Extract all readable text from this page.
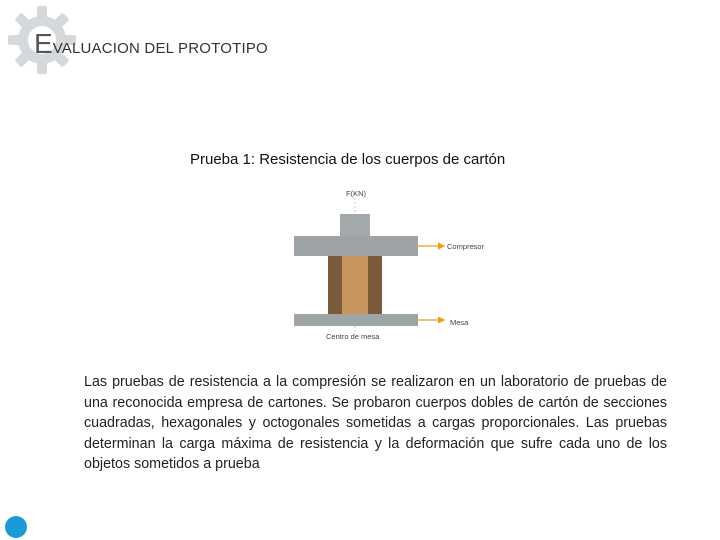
EVALUACION DEL PROTOTIPO
Prueba 1: Resistencia de los cuerpos de cartón
F(KN)
Compresor
Mesa
Centro de mesa
Las pruebas de resistencia a la compresión se realizaron en un laboratorio de pruebas de una reconocida empresa de cartones. Se probaron cuerpos dobles de cartón de secciones cuadradas, hexagonales y octogonales sometidas a cargas proporcionales. Las pruebas determinan la carga máxima de resistencia y la deformación que sufre cada uno de los objetos sometidos a prueba
